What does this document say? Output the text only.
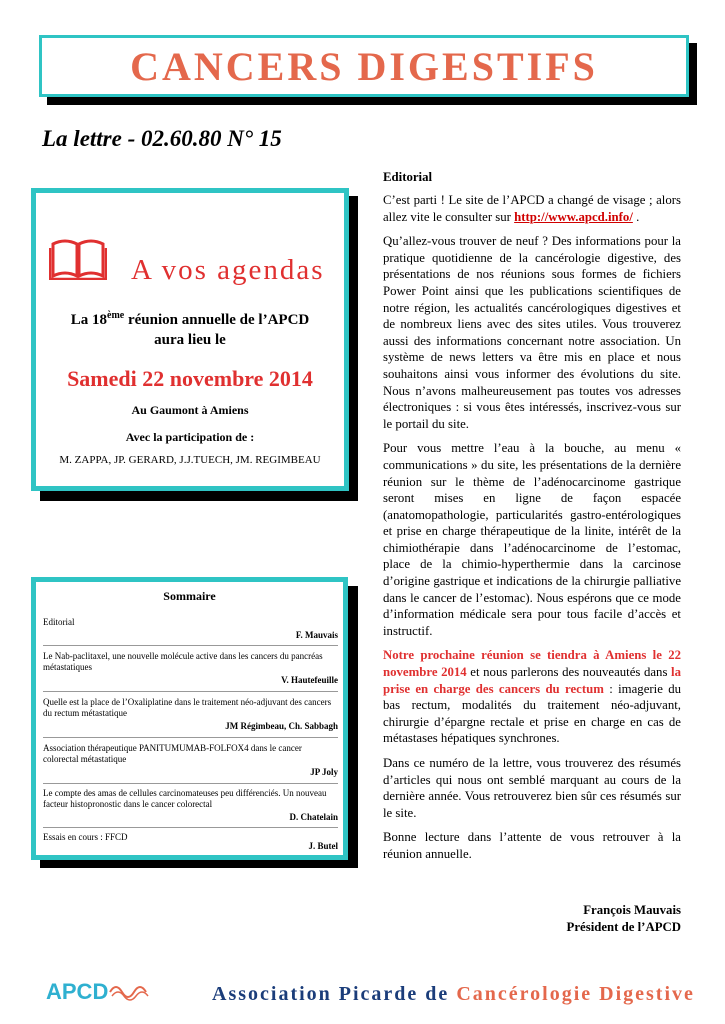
CANCERS DIGESTIFS
La lettre - 02.60.80 N° 15
A vos agendas
La 18ème réunion annuelle de l’APCD
aura lieu le
Samedi 22 novembre 2014
Au Gaumont à Amiens
Avec la participation de :
M. ZAPPA, JP. GERARD, J.J.TUECH, JM. REGIMBEAU
Sommaire
Editorial
F. Mauvais
Le Nab-paclitaxel, une nouvelle molécule active dans les cancers du pancréas métastatiques
V. Hautefeuille
Quelle est la place de l’Oxaliplatine dans le traitement néo-adjuvant des cancers du rectum métastatique
JM Régimbeau, Ch. Sabbagh
Association thérapeutique PANITUMUMAB-FOLFOX4 dans le cancer colorectal métastatique
JP Joly
Le compte des amas de cellules carcinomateuses peu différenciés. Un nouveau facteur histopronostic dans le cancer colorectal
D. Chatelain
Essais en cours : FFCD
J. Butel
Editorial

C’est parti ! Le site de l’APCD a changé de visage ; alors allez vite le consulter sur http://www.apcd.info/ .

Qu’allez-vous trouver de neuf ? Des informations pour la pratique quotidienne de la cancérologie digestive, des présentations de nos réunions sous formes de fichiers Power Point ainsi que les publications scientifiques de notre région, les actualités cancérologiques digestives et de nombreux liens avec des sites utiles. Vous trouverez aussi des informations concernant notre association. Un système de news letters va être mis en place et nous souhaitons ainsi vous informer des évolutions du site. Nous n’avons malheureusement pas toutes vos adresses électroniques : si vous êtes intéressés, inscrivez-vous sur le portail du site.

Pour vous mettre l’eau à la bouche, au menu « communications » du site, les présentations de la dernière réunion sur le thème de l’adénocarcinome gastrique seront mises en ligne de façon espacée (anatomopathologie, particularités gastro-entérologiques et prise en charge thérapeutique de la linite, intérêt de la chimiothérapie dans l’adénocarcinome de l’estomac, place de la chimio-hyperthermie dans la carcinose d’origine gastrique et indications de la chirurgie palliative dans le cancer de l’estomac). Nous espérons que ce mode d’information médicale sera pour tous facile d’accès et instructif.

Notre prochaine réunion se tiendra à Amiens le 22 novembre 2014 et nous parlerons des nouveautés dans la prise en charge des cancers du rectum : imagerie du bas rectum, modalités du traitement néo-adjuvant, chirurgie d’épargne rectale et prise en charge en cas de métastases hépatiques synchrones.

Dans ce numéro de la lettre, vous trouverez des résumés d’articles qui nous ont semblé marquant au cours de la dernière année. Vous retrouverez bien sûr ces résumés sur le site.

Bonne lecture dans l’attente de vous retrouver à la réunion annuelle.

François Mauvais
Président de l’APCD
APCD	Association Picarde de Cancérologie Digestive
